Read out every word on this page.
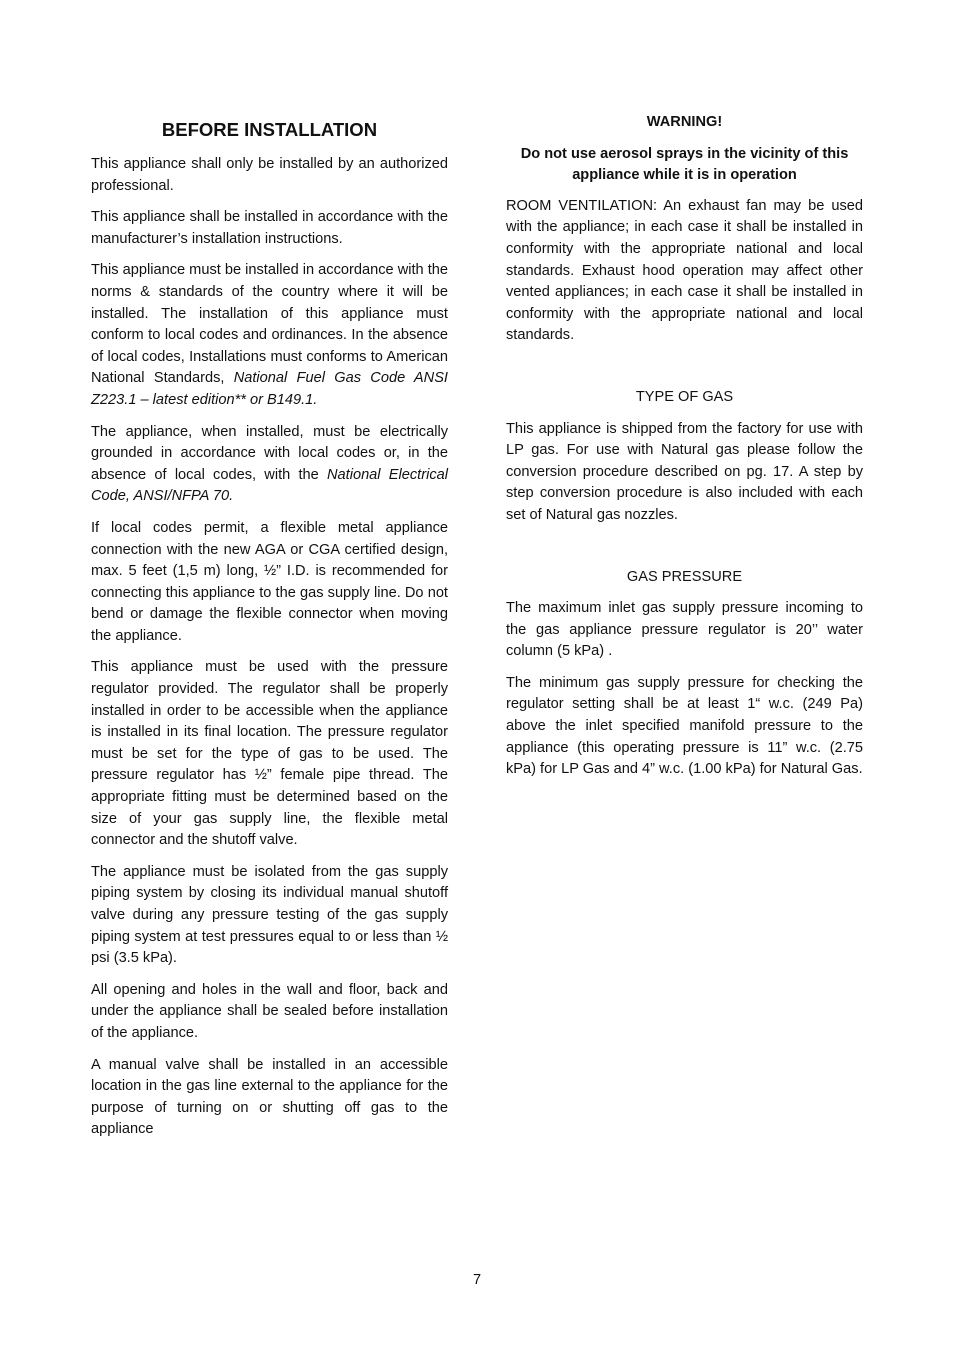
BEFORE INSTALLATION

This appliance shall only be installed by an authorized professional.

This appliance shall be installed in accordance with the manufacturer’s installation instructions.

This appliance must be installed in accordance with the norms & standards of the country where it will be installed. The installation of this appliance must conform to local codes and ordinances. In the absence of local codes, Installations must conforms to American National Standards, National Fuel Gas Code ANSI Z223.1 – latest edition** or B149.1.

The appliance, when installed, must be electrically grounded in accordance with local codes or, in the absence of local codes, with the National Electrical Code, ANSI/NFPA 70.

If local codes permit, a flexible metal appliance connection with the new AGA or CGA certified design, max. 5 feet (1,5 m) long, ½” I.D. is recommended for connecting this appliance to the gas supply line. Do not bend or damage the flexible connector when moving the appliance.

This appliance must be used with the pressure regulator provided. The regulator shall be properly installed in order to be accessible when the appliance is installed in its final location. The pressure regulator must be set for the type of gas to be used. The pressure regulator has ½” female pipe thread. The appropriate fitting must be determined based on the size of your gas supply line, the flexible metal connector and the shutoff valve.

The appliance must be isolated from the gas supply piping system by closing its individual manual shutoff valve during any pressure testing of the gas supply piping system at test pressures equal to or less than ½ psi (3.5 kPa).

All opening and holes in the wall and floor, back and under the appliance shall be sealed before installation of the appliance.

A manual valve shall be installed in an accessible location in the gas line external to the appliance for the purpose of turning on or shutting off gas to the appliance

WARNING!
Do not use aerosol sprays in the vicinity of this appliance while it is in operation

ROOM VENTILATION: An exhaust fan may be used with the appliance; in each case it shall be installed in conformity with the appropriate national and local standards. Exhaust hood operation may affect other vented appliances; in each case it shall be installed in conformity with the appropriate national and local standards.

TYPE OF GAS

This appliance is shipped from the factory for use with LP gas. For use with Natural gas please follow the conversion procedure described on pg. 17. A step by step conversion procedure is also included with each set of Natural gas nozzles.

GAS PRESSURE

The maximum inlet gas supply pressure incoming to the gas appliance pressure regulator is 20’’ water column (5 kPa) .

The minimum gas supply pressure for checking the regulator setting shall be at least 1“ w.c. (249 Pa) above the inlet specified manifold pressure to the appliance (this operating pressure is 11” w.c. (2.75 kPa) for LP Gas and 4” w.c. (1.00 kPa) for Natural Gas.

7
